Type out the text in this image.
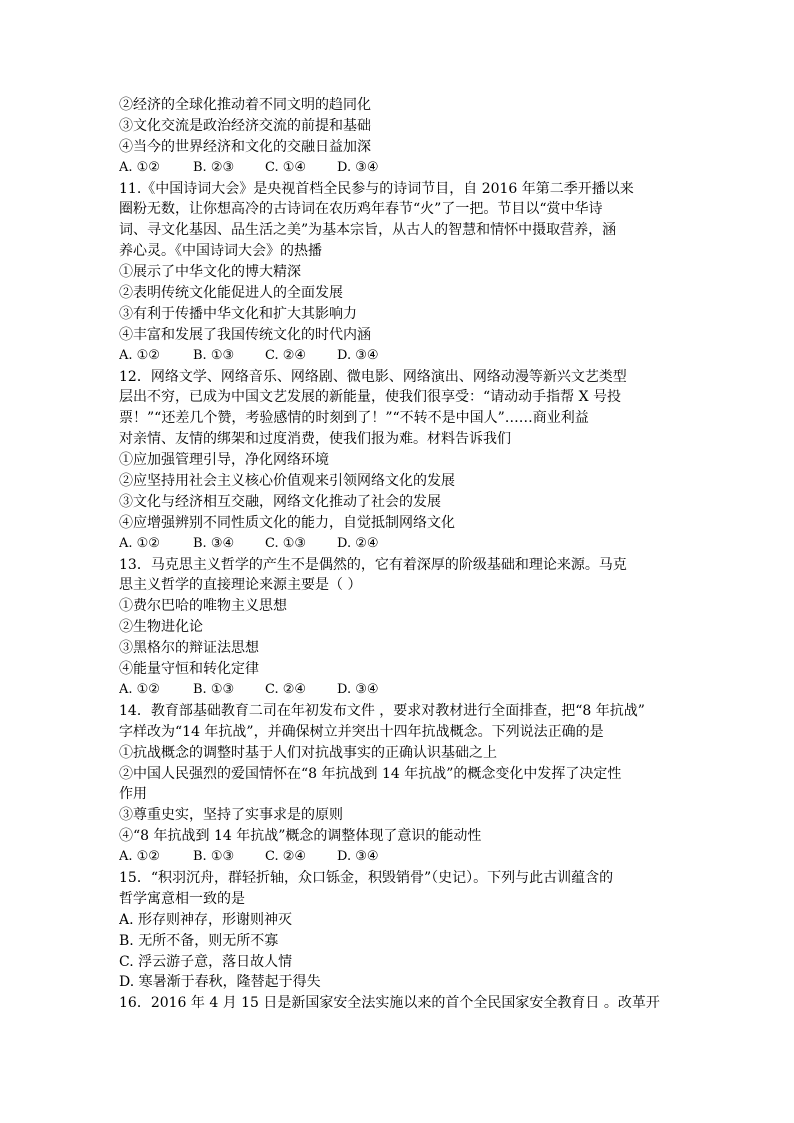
②经济的全球化推动着不同文明的趋同化
③文化交流是政治经济交流的前提和基础
④当今的世界经济和文化的交融日益加深
A. ①②	B. ②③ C. ①④ D. ③④
11.《中国诗词大会》是央视首档全民参与的诗词节目，自 2016 年第二季开播以来
圈粉无数，让你想高冷的古诗词在农历鸡年春节“火”了一把。节目以“赏中华诗
词、寻文化基因、品生活之美”为基本宗旨，从古人的智慧和情怀中摄取营养，涵
养心灵。《中国诗词大会》的热播
①展示了中华文化的博大精深
②表明传统文化能促进人的全面发展
③有利于传播中华文化和扩大其影响力
④丰富和发展了我国传统文化的时代内涵
A. ①②	B. ①③ C. ②④ D. ③④
12．网络文学、网络音乐、网络剧、微电影、网络演出、网络动漫等新兴文艺类型
层出不穷，已成为中国文艺发展的新能量，使我们很享受：“请动动手指帮 X 号投
票！”“还差几个赞，考验感情的时刻到了！”“不转不是中国人”……商业利益
对亲情、友情的绑架和过度消费，使我们报为难。材料告诉我们
①应加强管理引导，净化网络环境
②应坚持用社会主义核心价值观来引领网络文化的发展
③文化与经济相互交融，网络文化推动了社会的发展
④应增强辨别不同性质文化的能力，自觉抵制网络文化
A. ①②	B. ③④ C. ①③ D. ②④
13．马克思主义哲学的产生不是偶然的，它有着深厚的阶级基础和理论来源。马克
思主义哲学的直接理论来源主要是（ ）
①费尔巴哈的唯物主义思想
②生物进化论
③黑格尔的辩证法思想
④能量守恒和转化定律
A. ①②	B. ①③ C. ②④ D. ③④
14．教育部基础教育二司在年初发布文件 ，要求对教材进行全面排查，把“8 年抗战”
字样改为“14 年抗战”，并确保树立并突出十四年抗战概念。下列说法正确的是
①抗战概念的调整时基于人们对抗战事实的正确认识基础之上
②中国人民强烈的爱国情怀在“8 年抗战到 14 年抗战”的概念变化中发挥了决定性
作用
③尊重史实，坚持了实事求是的原则
④“8 年抗战到 14 年抗战”概念的调整体现了意识的能动性
A. ①②	B. ①③ C. ②④ D. ③④
15．“积羽沉舟，群轻折轴，众口铄金，积毁销骨”（史记）。下列与此古训蕴含的
哲学寓意相一致的是
A. 形存则神存，形谢则神灭
B. 无所不备，则无所不寡
C. 浮云游子意，落日故人情
D. 寒暑渐于春秋，隆替起于得失
16．2016 年 4 月 15 日是新国家安全法实施以来的首个全民国家安全教育日 。改革开
